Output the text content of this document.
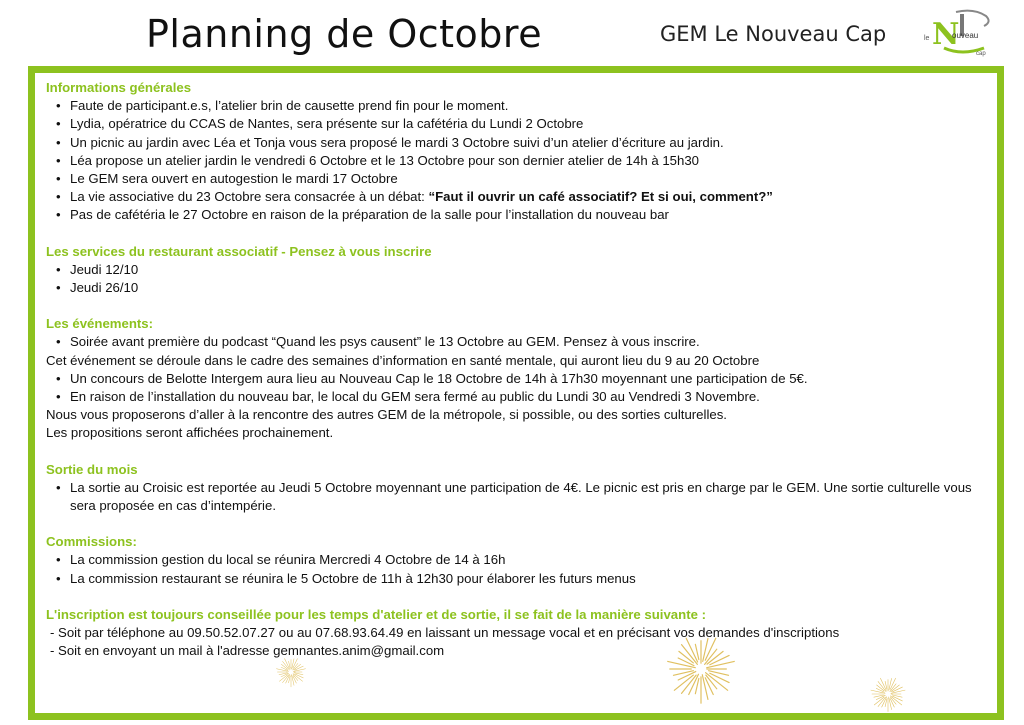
Planning de Octobre	GEM Le Nouveau Cap	le N
ouveau
cap

Informations générales

• Faute de participant.e.s, l’atelier brin de causette prend fin pour le moment.
• Lydia, opératrice du CCAS de Nantes, sera présente sur la cafétéria du Lundi 2 Octobre
• Un picnic au jardin avec Léa et Tonja vous sera proposé le mardi 3 Octobre suivi d’un atelier d’écriture au jardin.
• Léa propose un atelier jardin le vendredi 6 Octobre et le 13 Octobre pour son dernier atelier de 14h à 15h30
• Le GEM sera ouvert en autogestion le mardi 17 Octobre
• La vie associative du 23 Octobre sera consacrée à un débat: “Faut il ouvrir un café associatif? Et si oui, comment?”
• Pas de cafétéria le 27 Octobre en raison de la préparation de la salle pour l’installation du nouveau bar

Les services du restaurant associatif - Pensez à vous inscrire

• Jeudi 12/10
• Jeudi 26/10

Les événements:

• Soirée avant première du podcast “Quand les psys causent” le 13 Octobre au GEM. Pensez à vous inscrire.

Cet événement se déroule dans le cadre des semaines d’information en santé mentale, qui auront lieu du 9 au 20 Octobre

• Un concours de Belotte Intergem aura lieu au Nouveau Cap le 18 Octobre de 14h à 17h30 moyennant une participation de 5€.
• En raison de l’installation du nouveau bar, le local du GEM sera fermé au public du Lundi 30 au Vendredi 3 Novembre.

Nous vous proposerons d’aller à la rencontre des autres GEM de la métropole, si possible, ou des sorties culturelles.

Les propositions seront affichées prochainement.

Sortie du mois

• La sortie au Croisic est reportée au Jeudi 5 Octobre moyennant une participation de 4€. Le picnic est pris en charge par le GEM. Une sortie culturelle vous sera proposée en cas d’intempérie.

Commissions:

• La commission gestion du local se réunira Mercredi 4 Octobre de 14 à 16h
• La commission restaurant se réunira le 5 Octobre de 11h à 12h30 pour élaborer les futurs menus

L'inscription est toujours conseillée pour les temps d'atelier et de sortie, il se fait de la manière suivante :

- Soit par téléphone au 09.50.52.07.27 ou au 07.68.93.64.49 en laissant un message vocal et en précisant vos demandes d'inscriptions

- Soit en envoyant un mail à l'adresse gemnantes.anim@gmail.com
